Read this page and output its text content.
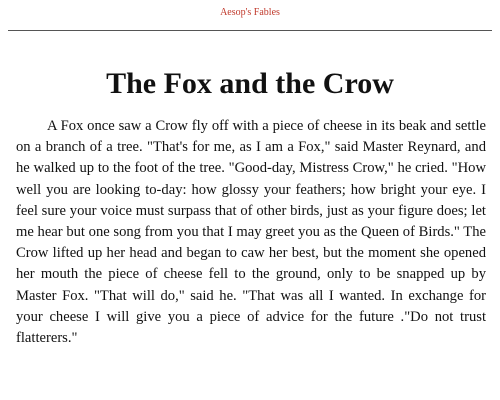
Aesop's Fables
The Fox and the Crow

A Fox once saw a Crow fly off with a piece of cheese in its beak and settle on a branch of a tree. "That's for me, as I am a Fox," said Master Reynard, and he walked up to the foot of the tree. "Good-day, Mistress Crow," he cried. "How well you are looking to-day: how glossy your feathers; how bright your eye. I feel sure your voice must surpass that of other birds, just as your figure does; let me hear but one song from you that I may greet you as the Queen of Birds." The Crow lifted up her head and began to caw her best, but the moment she opened her mouth the piece of cheese fell to the ground, only to be snapped up by Master Fox. "That will do," said he. "That was all I wanted. In exchange for your cheese I will give you a piece of advice for the future ."Do not trust flatterers."
